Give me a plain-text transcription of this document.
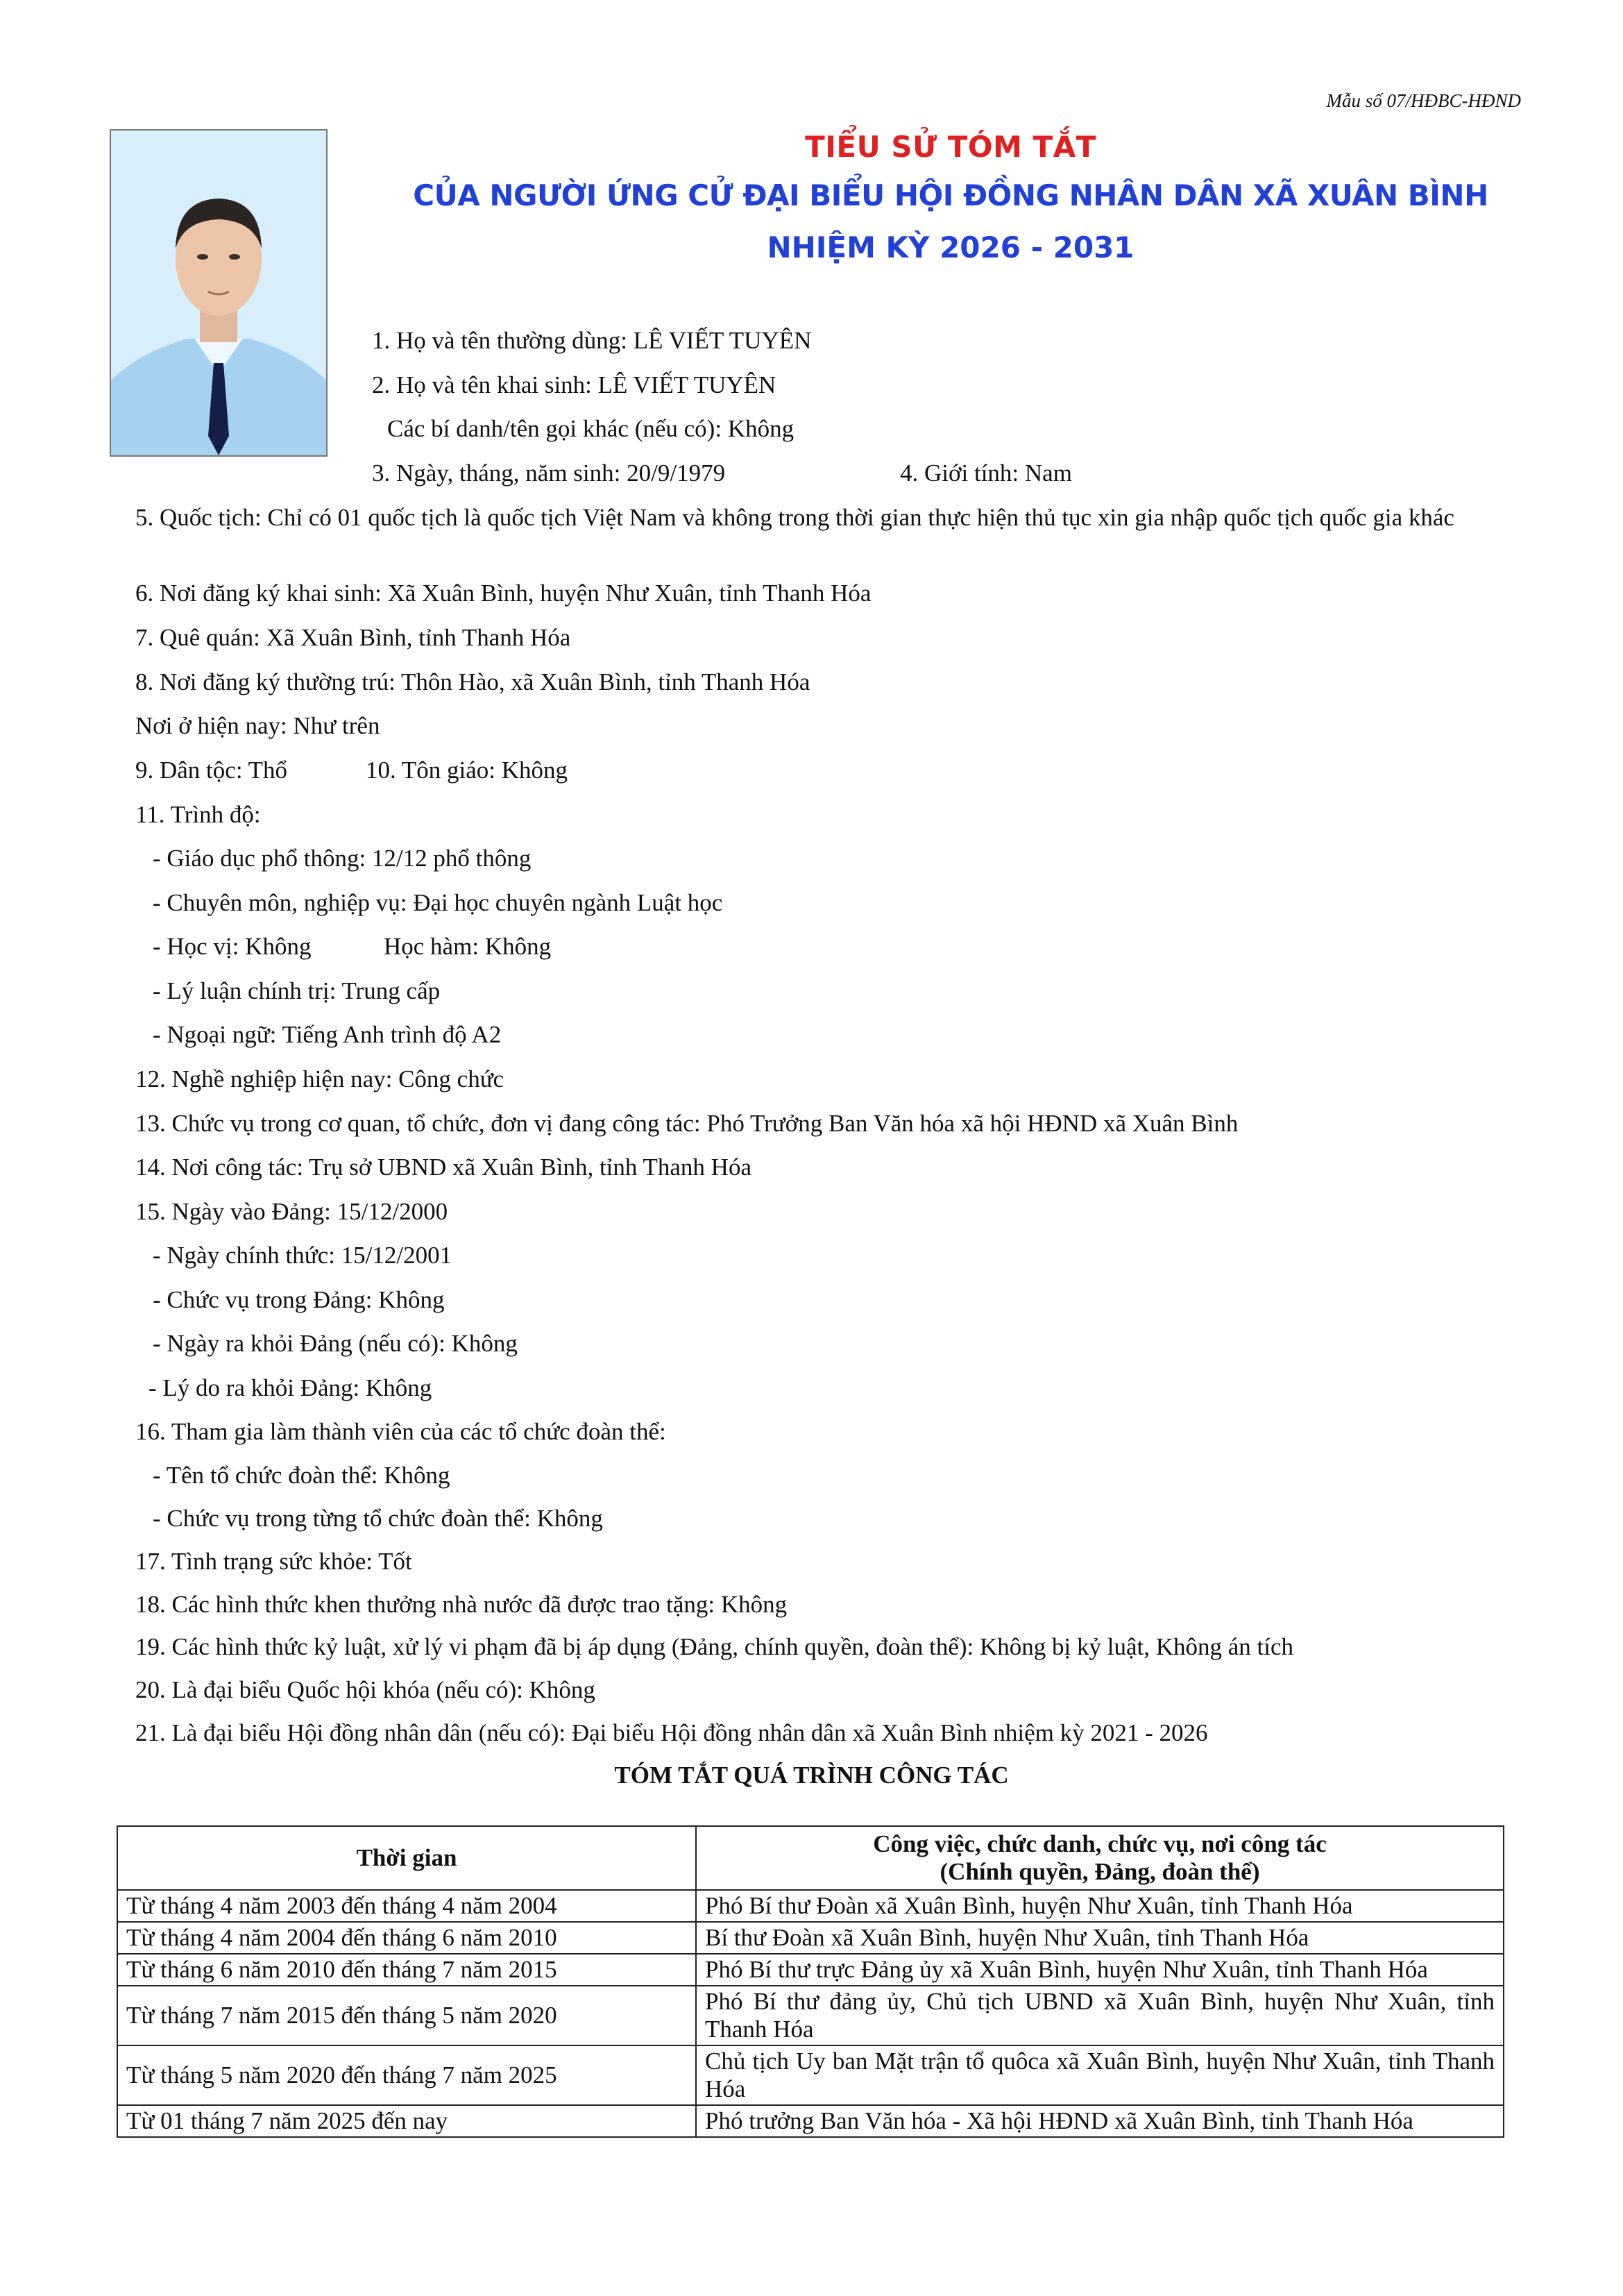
Mẫu số 07/HĐBC-HĐND
TIỂU SỬ TÓM TẮT
CỦA NGƯỜI ỨNG CỬ ĐẠI BIỂU HỘI ĐỒNG NHÂN DÂN XÃ XUÂN BÌNH
NHIỆM KỲ 2026 - 2031
1. Họ và tên thường dùng: LÊ VIẾT TUYÊN
2. Họ và tên khai sinh: LÊ VIẾT TUYÊN
Các bí danh/tên gọi khác (nếu có): Không
3. Ngày, tháng, năm sinh: 20/9/1979	4. Giới tính: Nam
5. Quốc tịch: Chỉ có 01 quốc tịch là quốc tịch Việt Nam và không trong thời gian thực hiện thủ tục xin gia nhập quốc tịch quốc gia khác
6. Nơi đăng ký khai sinh: Xã Xuân Bình, huyện Như Xuân, tỉnh Thanh Hóa
7. Quê quán: Xã Xuân Bình, tỉnh Thanh Hóa
8. Nơi đăng ký thường trú: Thôn Hào, xã Xuân Bình, tỉnh Thanh Hóa
Nơi ở hiện nay: Như trên
9. Dân tộc: Thổ	10. Tôn giáo: Không
11. Trình độ:
- Giáo dục phổ thông: 12/12 phổ thông
- Chuyên môn, nghiệp vụ: Đại học chuyên ngành Luật học
- Học vị: Không	Học hàm: Không
- Lý luận chính trị: Trung cấp
- Ngoại ngữ: Tiếng Anh trình độ A2
12. Nghề nghiệp hiện nay: Công chức
13. Chức vụ trong cơ quan, tổ chức, đơn vị đang công tác: Phó Trưởng Ban Văn hóa xã hội HĐND xã Xuân Bình
14. Nơi công tác: Trụ sở UBND xã Xuân Bình, tỉnh Thanh Hóa
15. Ngày vào Đảng: 15/12/2000
- Ngày chính thức: 15/12/2001
- Chức vụ trong Đảng: Không
- Ngày ra khỏi Đảng (nếu có): Không
- Lý do ra khỏi Đảng: Không
16. Tham gia làm thành viên của các tổ chức đoàn thể:
- Tên tổ chức đoàn thể: Không
- Chức vụ trong từng tổ chức đoàn thể: Không
17. Tình trạng sức khỏe: Tốt
18. Các hình thức khen thưởng nhà nước đã được trao tặng: Không
19. Các hình thức kỷ luật, xử lý vi phạm đã bị áp dụng (Đảng, chính quyền, đoàn thể): Không bị kỷ luật, Không án tích
20. Là đại biểu Quốc hội khóa (nếu có): Không
21. Là đại biểu Hội đồng nhân dân (nếu có): Đại biểu Hội đồng nhân dân xã Xuân Bình nhiệm kỳ 2021 - 2026
TÓM TẮT QUÁ TRÌNH CÔNG TÁC
Thời gian	Công việc, chức danh, chức vụ, nơi công tác
(Chính quyền, Đảng, đoàn thể)

Từ tháng 4 năm 2003 đến tháng 4 năm 2004	Phó Bí thư Đoàn xã Xuân Bình, huyện Như Xuân, tỉnh Thanh Hóa
Từ tháng 4 năm 2004 đến tháng 6 năm 2010	Bí thư Đoàn xã Xuân Bình, huyện Như Xuân, tỉnh Thanh Hóa
Từ tháng 6 năm 2010 đến tháng 7 năm 2015	Phó Bí thư trực Đảng ủy xã Xuân Bình, huyện Như Xuân, tỉnh Thanh Hóa
Từ tháng 7 năm 2015 đến tháng 5 năm 2020	Phó Bí thư đảng ủy, Chủ tịch UBND xã Xuân Bình, huyện Như Xuân, tỉnh Thanh Hóa
Từ tháng 5 năm 2020 đến tháng 7 năm 2025	Chủ tịch Uy ban Mặt trận tổ quôca xã Xuân Bình, huyện Như Xuân, tỉnh Thanh Hóa
Từ 01 tháng 7 năm 2025 đến nay	Phó trưởng Ban Văn hóa - Xã hội HĐND xã Xuân Bình, tỉnh Thanh Hóa
